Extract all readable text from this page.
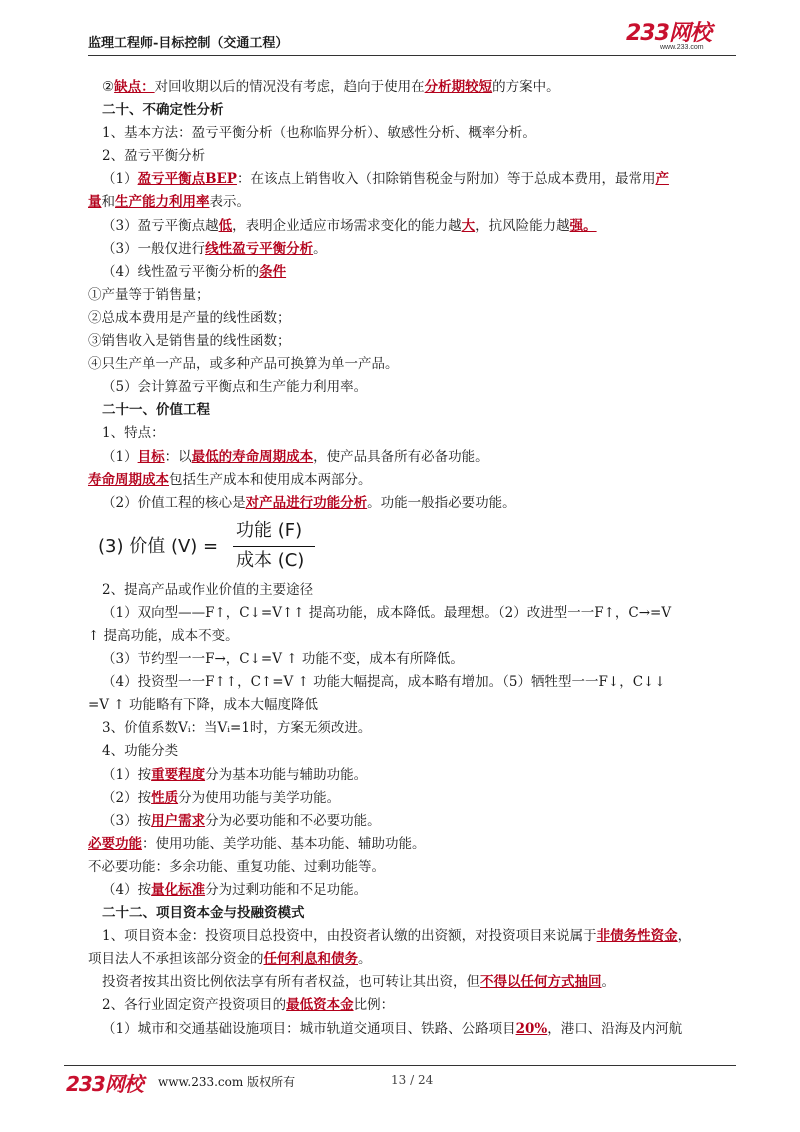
监理工程师-目标控制（交通工程）	233网校
www.233.com

②缺点：对回收期以后的情况没有考虑，趋向于使用在分析期较短的方案中。

二十、不确定性分析

1、基本方法：盈亏平衡分析（也称临界分析）、敏感性分析、概率分析。

2、盈亏平衡分析

（1）盈亏平衡点BEP：在该点上销售收入（扣除销售税金与附加）等于总成本费用，最常用产

量和生产能力利用率表示。

（3）盈亏平衡点越低，表明企业适应市场需求变化的能力越大，抗风险能力越强。

（3）一般仅进行线性盈亏平衡分析。

（4）线性盈亏平衡分析的条件

①产量等于销售量；

②总成本费用是产量的线性函数；

③销售收入是销售量的线性函数；

④只生产单一产品，或多种产品可换算为单一产品。

（5）会计算盈亏平衡点和生产能力利用率。

二十一、价值工程

1、特点：

（1）目标：以最低的寿命周期成本，使产品具备所有必备功能。

寿命周期成本包括生产成本和使用成本两部分。

（2）价值工程的核心是对产品进行功能分析。功能一般指必要功能。

(3) 价值 (V) =
功能 (F)
成本 (C)

2、提高产品或作业价值的主要途径

（1）双向型——F↑，C↓=V↑↑ 提高功能，成本降低。最理想。（2）改进型一一F↑，C→=V

↑ 提高功能，成本不变。

（3）节约型一一F→，C↓=V ↑ 功能不变，成本有所降低。

（4）投资型一一F↑↑，C↑=V ↑ 功能大幅提高，成本略有增加。（5）牺牲型一一F↓，C↓↓

=V ↑ 功能略有下降，成本大幅度降低

3、价值系数Vᵢ：当Vᵢ=1时，方案无须改进。

4、功能分类

（1）按重要程度分为基本功能与辅助功能。

（2）按性质分为使用功能与美学功能。

（3）按用户需求分为必要功能和不必要功能。

必要功能：使用功能、美学功能、基本功能、辅助功能。

不必要功能：多余功能、重复功能、过剩功能等。

（4）按量化标准分为过剩功能和不足功能。

二十二、项目资本金与投融资模式

1、项目资本金：投资项目总投资中，由投资者认缴的出资额，对投资项目来说属于非债务性资金，

项目法人不承担该部分资金的任何利息和债务。

投资者按其出资比例依法享有所有者权益，也可转让其出资，但不得以任何方式抽回。

2、各行业固定资产投资项目的最低资本金比例：

（1）城市和交通基础设施项目：城市轨道交通项目、铁路、公路项目20%，港口、沿海及内河航

233网校 www.233.com 版权所有	13 / 24
